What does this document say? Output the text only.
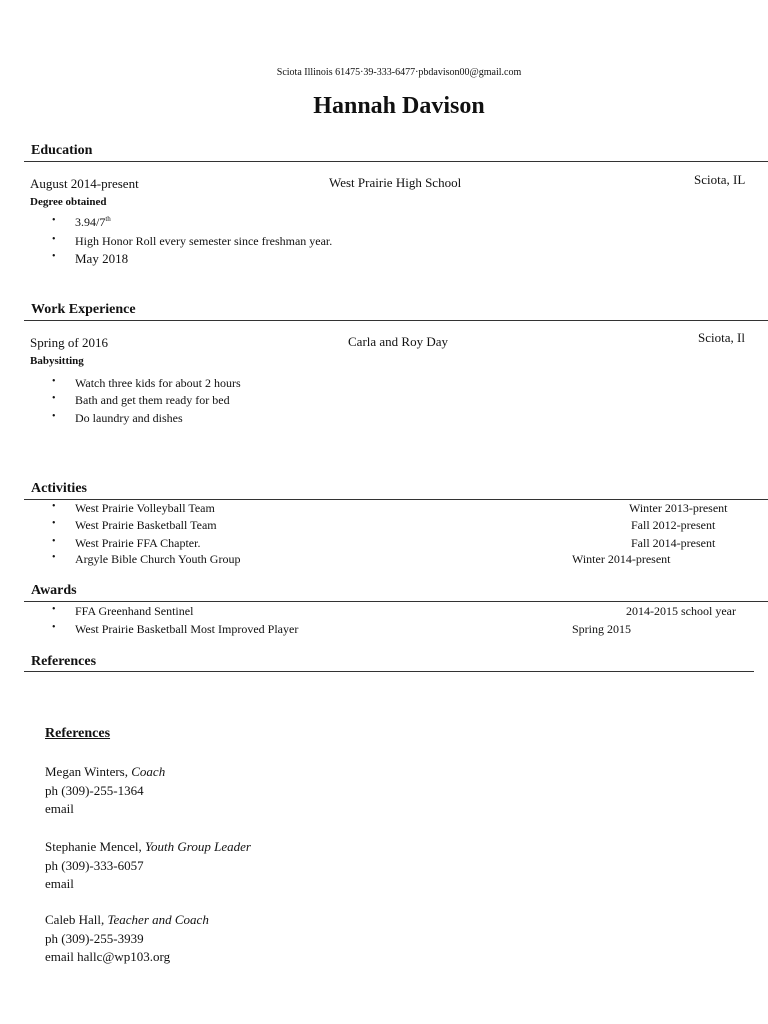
Sciota Illinois 61475·39-333-6477·pbdavison00@gmail.com
Hannah Davison
Education
August 2014-present	West Prairie High School	Sciota, IL
Degree obtained
• 3.94/7th
• High Honor Roll every semester since freshman year.
• May 2018
Work Experience
Spring of 2016	Carla and Roy Day	Sciota, Il
Babysitting
• Watch three kids for about 2 hours
• Bath and get them ready for bed
• Do laundry and dishes
Activities
• West Prairie Volleyball Team	Winter 2013-present
• West Prairie Basketball Team	Fall 2012-present
• West Prairie FFA Chapter.	Fall 2014-present
• Argyle Bible Church Youth Group	Winter 2014-present
Awards
• FFA Greenhand Sentinel	2014-2015 school year
• West Prairie Basketball Most Improved Player	Spring 2015
References
References
Megan Winters, Coach
ph (309)-255-1364
email
Stephanie Mencel, Youth Group Leader
ph (309)-333-6057
email
Caleb Hall, Teacher and Coach
ph (309)-255-3939
email hallc@wp103.org
